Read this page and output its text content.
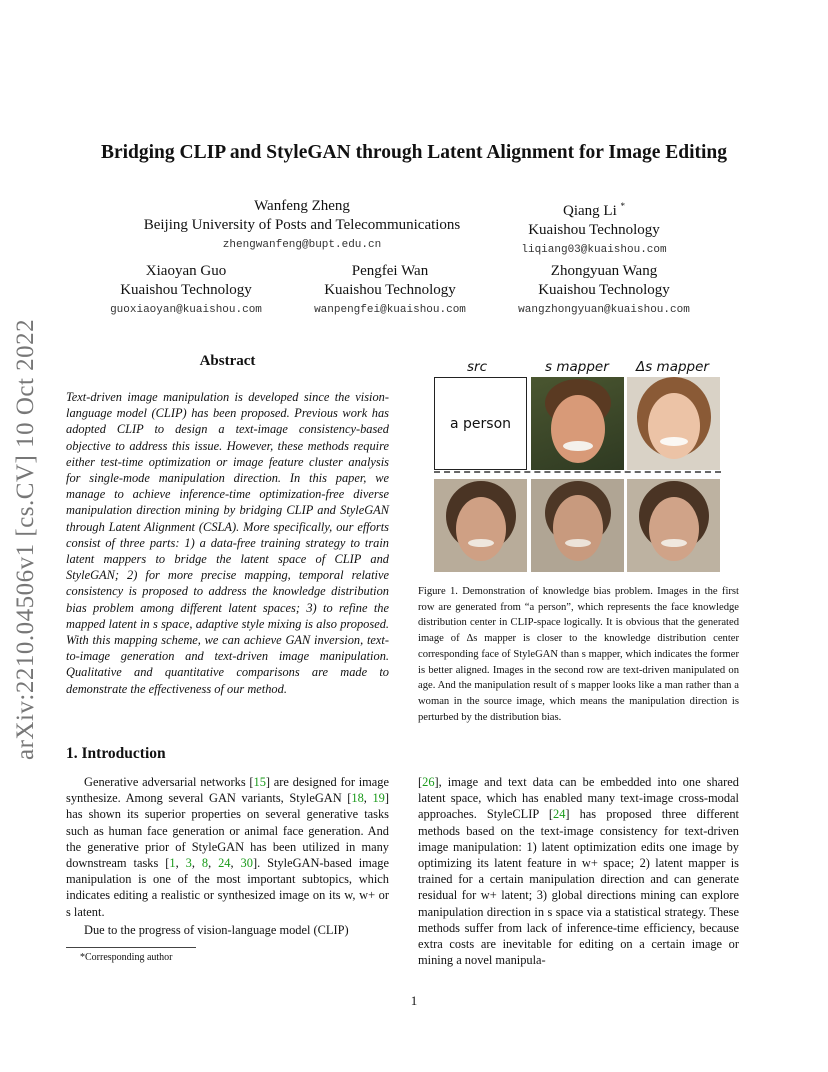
arXiv:2210.04506v1 [cs.CV] 10 Oct 2022
Bridging CLIP and StyleGAN through Latent Alignment for Image Editing
Wanfeng Zheng
Beijing University of Posts and Telecommunications
zhengwanfeng@bupt.edu.cn
Qiang Li *
Kuaishou Technology
liqiang03@kuaishou.com
Xiaoyan Guo
Kuaishou Technology
guoxiaoyan@kuaishou.com
Pengfei Wan
Kuaishou Technology
wanpengfei@kuaishou.com
Zhongyuan Wang
Kuaishou Technology
wangzhongyuan@kuaishou.com
Abstract
Text-driven image manipulation is developed since the vision-language model (CLIP) has been proposed. Previous work has adopted CLIP to design a text-image consistency-based objective to address this issue. However, these methods require either test-time optimization or image feature cluster analysis for single-mode manipulation direction. In this paper, we manage to achieve inference-time optimization-free diverse manipulation direction mining by bridging CLIP and StyleGAN through Latent Alignment (CSLA). More specifically, our efforts consist of three parts: 1) a data-free training strategy to train latent mappers to bridge the latent space of CLIP and StyleGAN; 2) for more precise mapping, temporal relative consistency is proposed to address the knowledge distribution bias problem among different latent spaces; 3) to refine the mapped latent in s space, adaptive style mixing is also proposed. With this mapping scheme, we can achieve GAN inversion, text-to-image generation and text-driven image manipulation. Qualitative and quantitative comparisons are made to demonstrate the effectiveness of our method.
src	s mapper Δs mapper
a person
Figure 1. Demonstration of knowledge bias problem. Images in the first row are generated from “a person”, which represents the face knowledge distribution center in CLIP-space logically. It is obvious that the generated image of Δs mapper is closer to the knowledge distribution center corresponding face of StyleGAN than s mapper, which indicates the former is better aligned. Images in the second row are text-driven manipulated on age. And the manipulation result of s mapper looks like a man rather than a woman in the source image, which means the manipulation direction is perturbed by the distribution bias.
1. Introduction
Generative adversarial networks [15] are designed for image synthesize. Among several GAN variants, StyleGAN [18, 19] has shown its superior properties on several generative tasks such as human face generation or animal face generation. And the generative prior of StyleGAN has been utilized in many downstream tasks [1, 3, 8, 24, 30]. StyleGAN-based image manipulation is one of the most important subtopics, which indicates editing a realistic or synthesized image on its w, w+ or s latent.
Due to the progress of vision-language model (CLIP)
*Corresponding author
[26], image and text data can be embedded into one shared latent space, which has enabled many text-image cross-modal approaches. StyleCLIP [24] has proposed three different methods based on the text-image consistency for text-driven image manipulation: 1) latent optimization edits one image by optimizing its latent feature in w+ space; 2) latent mapper is trained for a certain manipulation direction and can generate residual for w+ latent; 3) global directions mining can explore manipulation direction in s space via a statistical strategy. These methods suffer from lack of inference-time efficiency, because extra costs are inevitable for editing on a certain image or mining a novel manipula-
1
